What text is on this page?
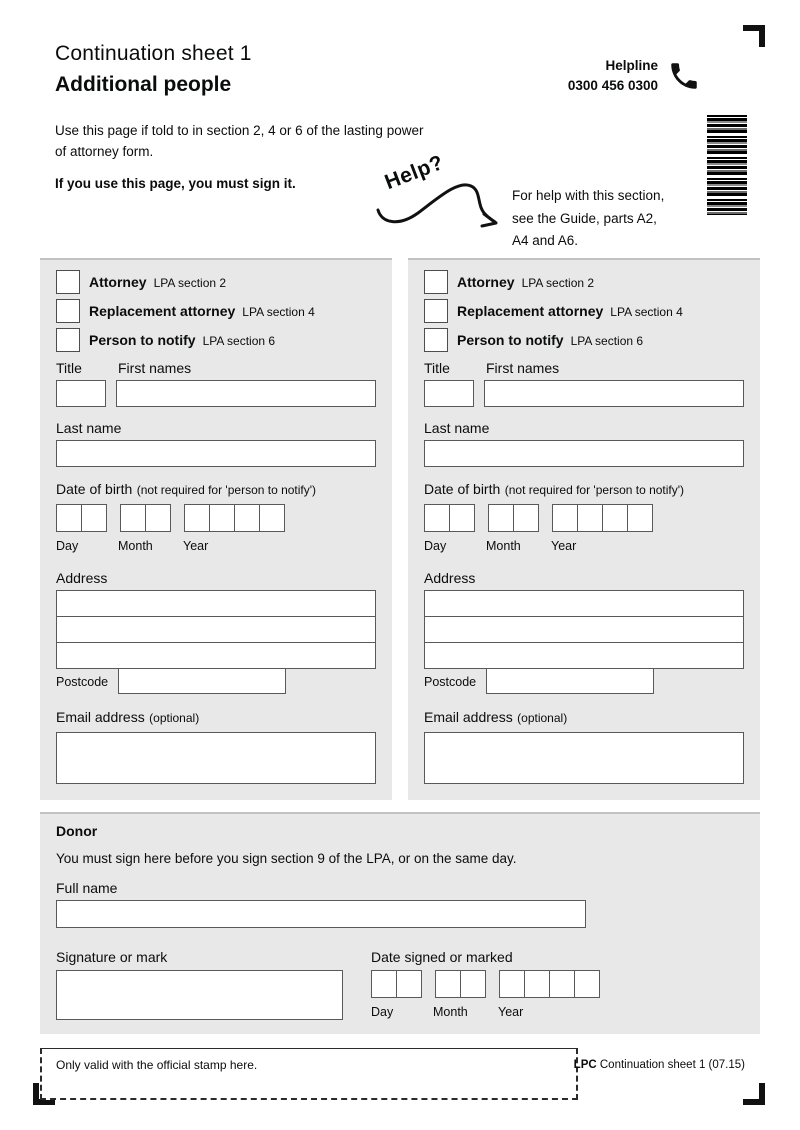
Continuation sheet 1
Additional people
Helpline
0300 456 0300
Use this page if told to in section 2, 4 or 6 of the lasting power
of attorney form.
If you use this page, you must sign it.	Help?
For help with this section,
see the Guide, parts A2,
A4 and A6.
Attorney LPA section 2
Replacement attorney LPA section 4
Person to notify LPA section 6
Title	First names
Last name
Date of birth (not required for 'person to notify')
Day	Month	Year
Address
Postcode
Email address (optional)
Attorney LPA section 2
Replacement attorney LPA section 4
Person to notify LPA section 6
Title	First names
Last name
Date of birth (not required for 'person to notify')
Day	Month	Year
Address
Postcode
Email address (optional)
Donor
You must sign here before you sign section 9 of the LPA, or on the same day.
Full name
Signature or mark	Date signed or marked
Day	Month	Year
Only valid with the official stamp here.	LPC Continuation sheet 1 (07.15)
